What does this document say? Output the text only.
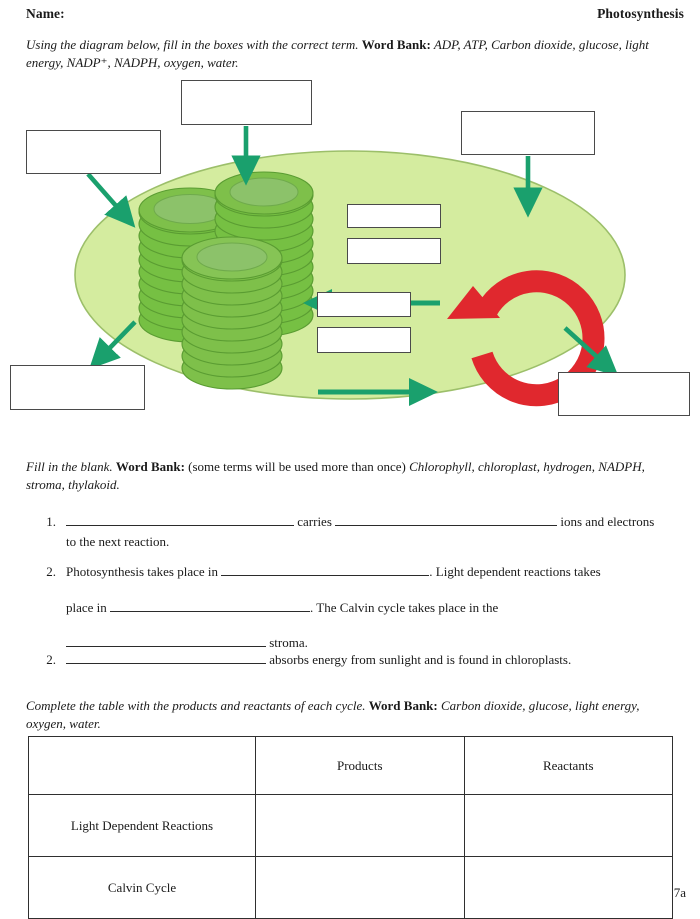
Name:	Photosynthesis
Using the diagram below, fill in the boxes with the correct term. Word Bank: ADP, ATP, Carbon dioxide, glucose, light energy, NADP⁺, NADPH, oxygen, water.
Fill in the blank. Word Bank: (some terms will be used more than once) Chlorophyll, chloroplast, hydrogen, NADPH, stroma, thylakoid.
1.	carries	ions and electrons
to the next reaction.
2. Photosynthesis takes place in	. Light dependent reactions takes
place in	. The Calvin cycle takes place in the
stroma.
2.	absorbs energy from sunlight and is found in chloroplasts.
Complete the table with the products and reactants of each cycle. Word Bank: Carbon dioxide, glucose, light energy, oxygen, water.
	Products	Reactants
Light Dependent Reactions		
Calvin Cycle			7a
